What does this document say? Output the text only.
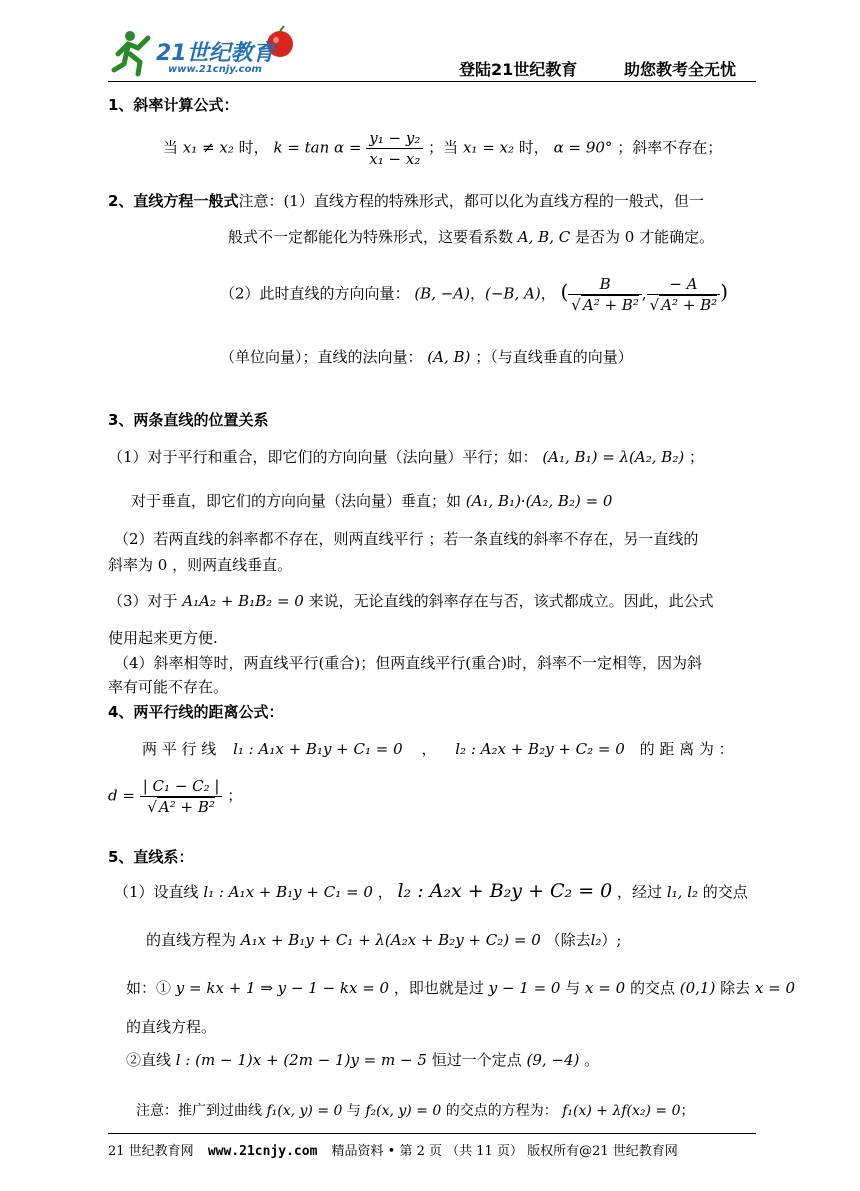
21世纪教育
www.21cnjy.com	登陆21世纪教育	助您教考全无忧
1、斜率计算公式：
当 x₁ ≠ x₂ 时， $k = \tan \alpha = \frac{\text{y₁ − y₂}}{\text{x₁ − x₂}}$ ；当 x₁ = x₂ 时， α = 90° ；斜率不存在；
2、直线方程一般式注意：(1）直线方程的特殊形式，都可以化为直线方程的一般式，但一
般式不一定都能化为特殊形式，这要看系数 A, B, C 是否为 0 才能确定。
（2）此时直线的方向向量： (B, −A)，(−B, A)， ( $\frac{B}{\text{√ A² + B²}}$ , $\frac{- A}{\text{√ A² + B²}}$ )
（单位向量）；直线的法向量： (A, B) ；（与直线垂直的向量）
3、两条直线的位置关系
（1）对于平行和重合，即它们的方向向量（法向量）平行；如： (A₁, B₁) = λ(A₂, B₂) ；
对于垂直，即它们的方向向量（法向量）垂直；如 (A₁, B₁)·(A₂, B₂) = 0
（2）若两直线的斜率都不存在，则两直线平行 ；若一条直线的斜率不存在，另一直线的
斜率为 0 ，则两直线垂直。
（3）对于 A₁A₂ + B₁B₂ = 0 来说，无论直线的斜率存在与否，该式都成立。因此，此公式
使用起来更方便.
（4）斜率相等时，两直线平行(重合)；但两直线平行(重合)时，斜率不一定相等，因为斜
率有可能不存在。
4、两平行线的距离公式：
两 平 行 线 l₁ : A₁x + B₁y + C₁ = 0 ， l₂ : A₂x + B₂y + C₂ = 0 的 距 离 为 ：
$d = \frac{\text{| C₁ − C₂ |}}{\text{√ A² + B²}}$ ；
5、直线系：
（1）设直线 l₁ : A₁x + B₁y + C₁ = 0 ， l₂ : A₂x + B₂y + C₂ = 0 ，经过 l₁, l₂ 的交点
的直线方程为 A₁x + B₁y + C₁ + λ(A₂x + B₂y + C₂) = 0 （除去l₂）;
如：① y = kx + 1 ⇒ y − 1 − kx = 0 ，即也就是过 y − 1 = 0 与 x = 0 的交点 (0,1) 除去 x = 0
的直线方程。
②直线 l : (m − 1)x + (2m − 1)y = m − 5 恒过一个定点 (9, −4) 。
注意：推广到过曲线 f₁(x, y) = 0 与 f₂(x, y) = 0 的交点的方程为： f₁(x) + λf(x₂) = 0；
21 世纪教育网 www.21cnjy.com 精品资料 • 第 2 页 （共 11 页） 版权所有@21 世纪教育网
